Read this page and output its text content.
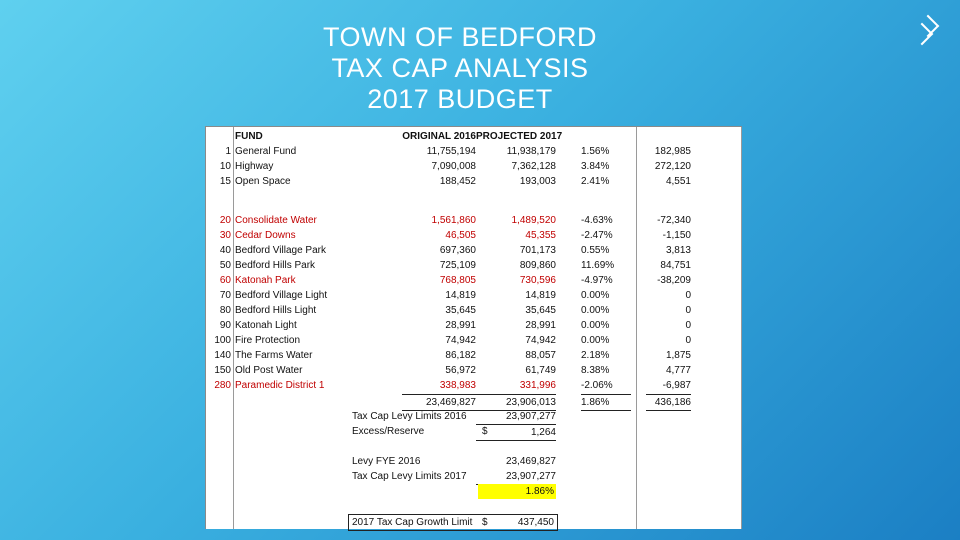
TOWN OF BEDFORD
TAX CAP ANALYSIS
2017 BUDGET
FUND	ORIGINAL 2016 PROJECTED 2017
1 General Fund	11,755,194	11,938,179	1.56%	182,985
10 Highway	7,090,008	7,362,128	3.84%	272,120
15 Open Space	188,452	193,003	2.41%	4,551
20 Consolidate Water	1,561,860	1,489,520	-4.63%	-72,340
30 Cedar Downs	46,505	45,355	-2.47%	-1,150
40 Bedford Village Park	697,360	701,173	0.55%	3,813
50 Bedford Hills Park	725,109	809,860	11.69%	84,751
60 Katonah Park	768,805	730,596	-4.97%	-38,209
70 Bedford Village Light	14,819	14,819	0.00%	0
80 Bedford Hills Light	35,645	35,645	0.00%	0
90 Katonah Light	28,991	28,991	0.00%	0
100 Fire Protection	74,942	74,942	0.00%	0
140 The Farms Water	86,182	88,057	2.18%	1,875
150 Old Post Water	56,972	61,749	8.38%	4,777
280 Paramedic District 1	338,983	331,996	-2.06%	-6,987
23,469,827	23,906,013	1.86%	436,186
Tax Cap Levy Limits 2016	23,907,277
Excess/Reserve	$	1,264
Levy FYE 2016	23,469,827
Tax Cap Levy Limits 2017	23,907,277
1.86%
2017 Tax Cap Growth Limit $	437,450
